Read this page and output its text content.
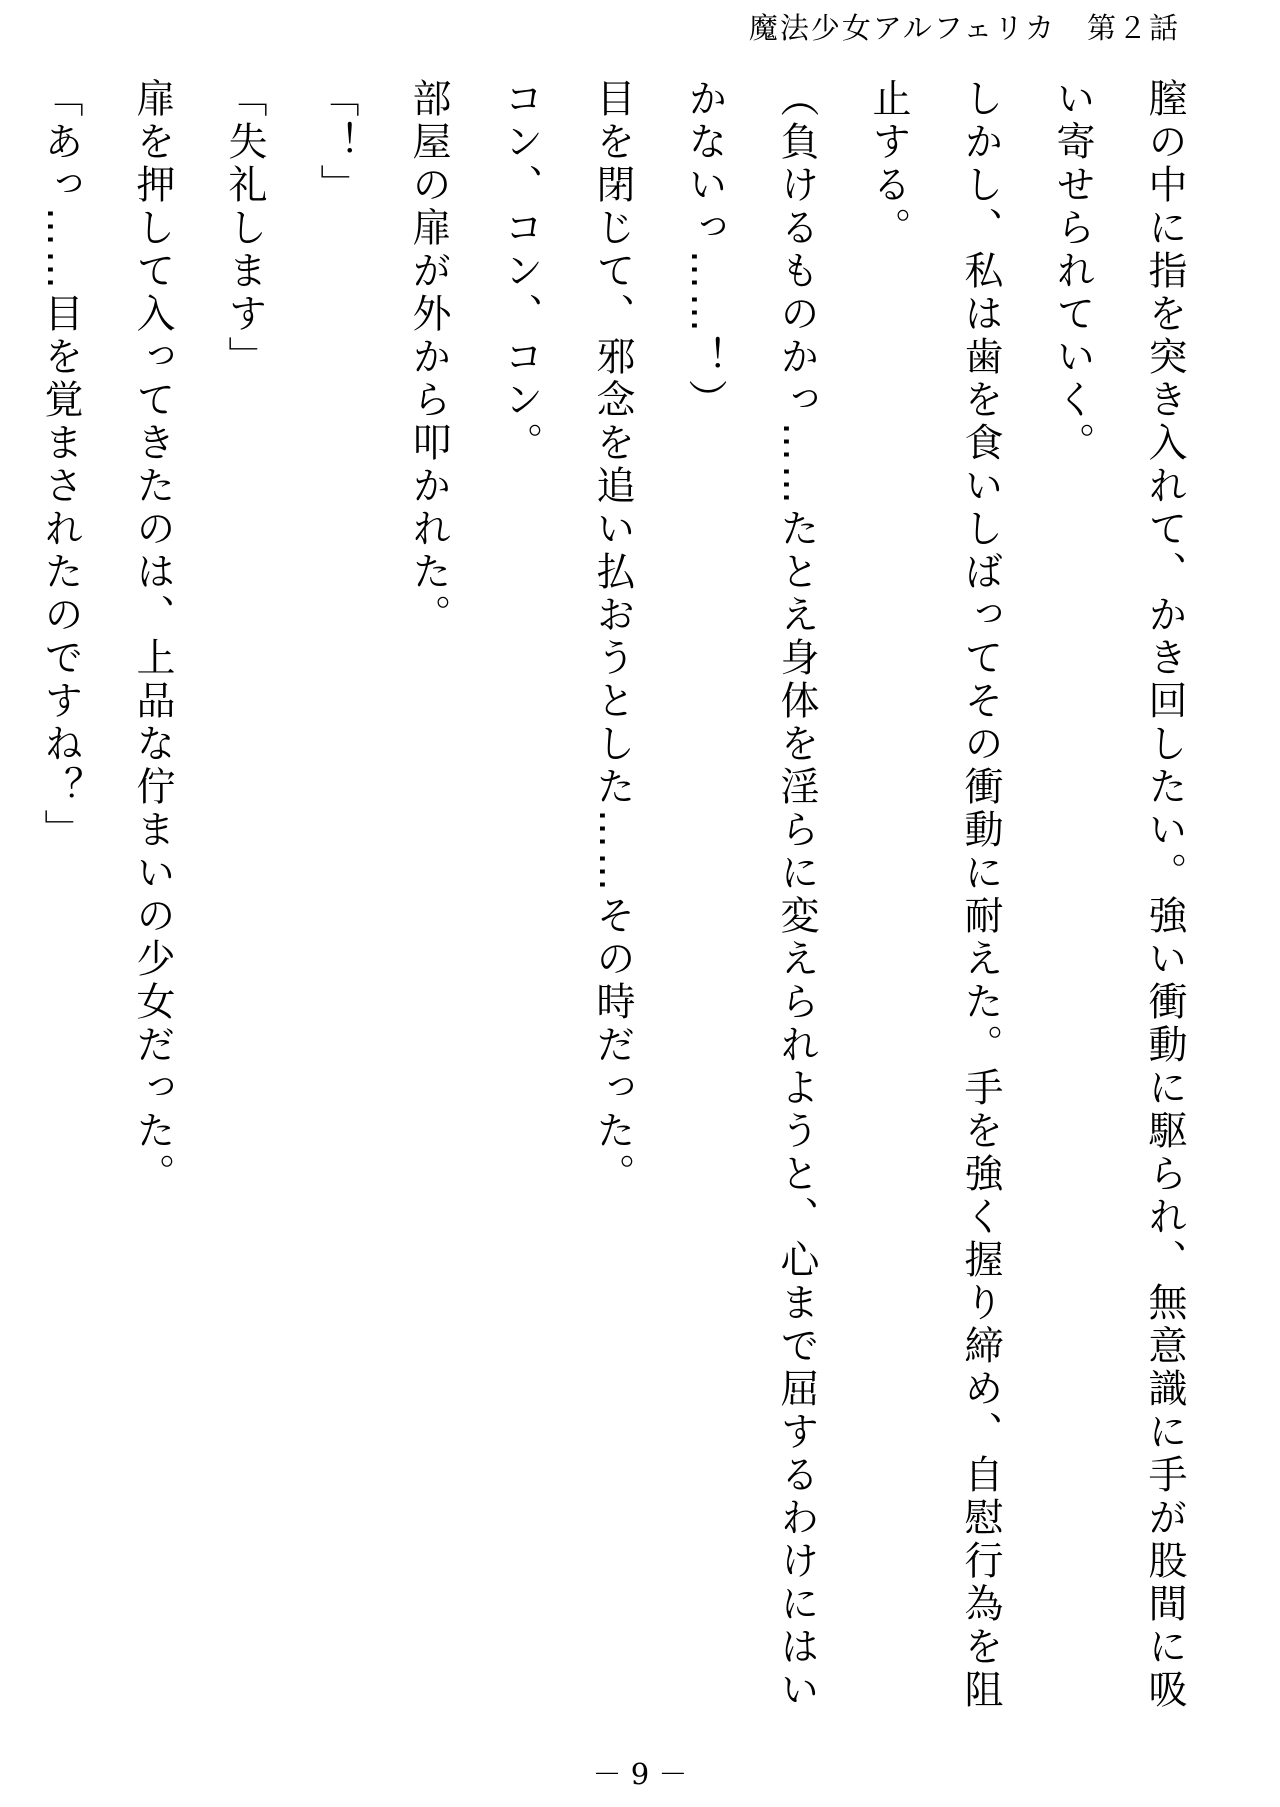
魔法少女アルフェリカ　第２話

膣の中に指を突き入れて、かき回したい。強い衝動に駆られ、無意識に手が股間に吸い寄せられていく。

しかし、私は歯を食いしばってその衝動に耐えた。手を強く握り締め、自慰行為を阻止する。

（負けるものかっ……たとえ身体を淫らに変えられようと、心まで屈するわけにはいかないっ……！）

目を閉じて、邪念を追い払おうとした……その時だった。

コン、コン、コン。

部屋の扉が外から叩かれた。

「！」

「失礼します」

扉を押して入ってきたのは、上品な佇まいの少女だった。

「あっ……目を覚まされたのですね？」

－ 9 －
